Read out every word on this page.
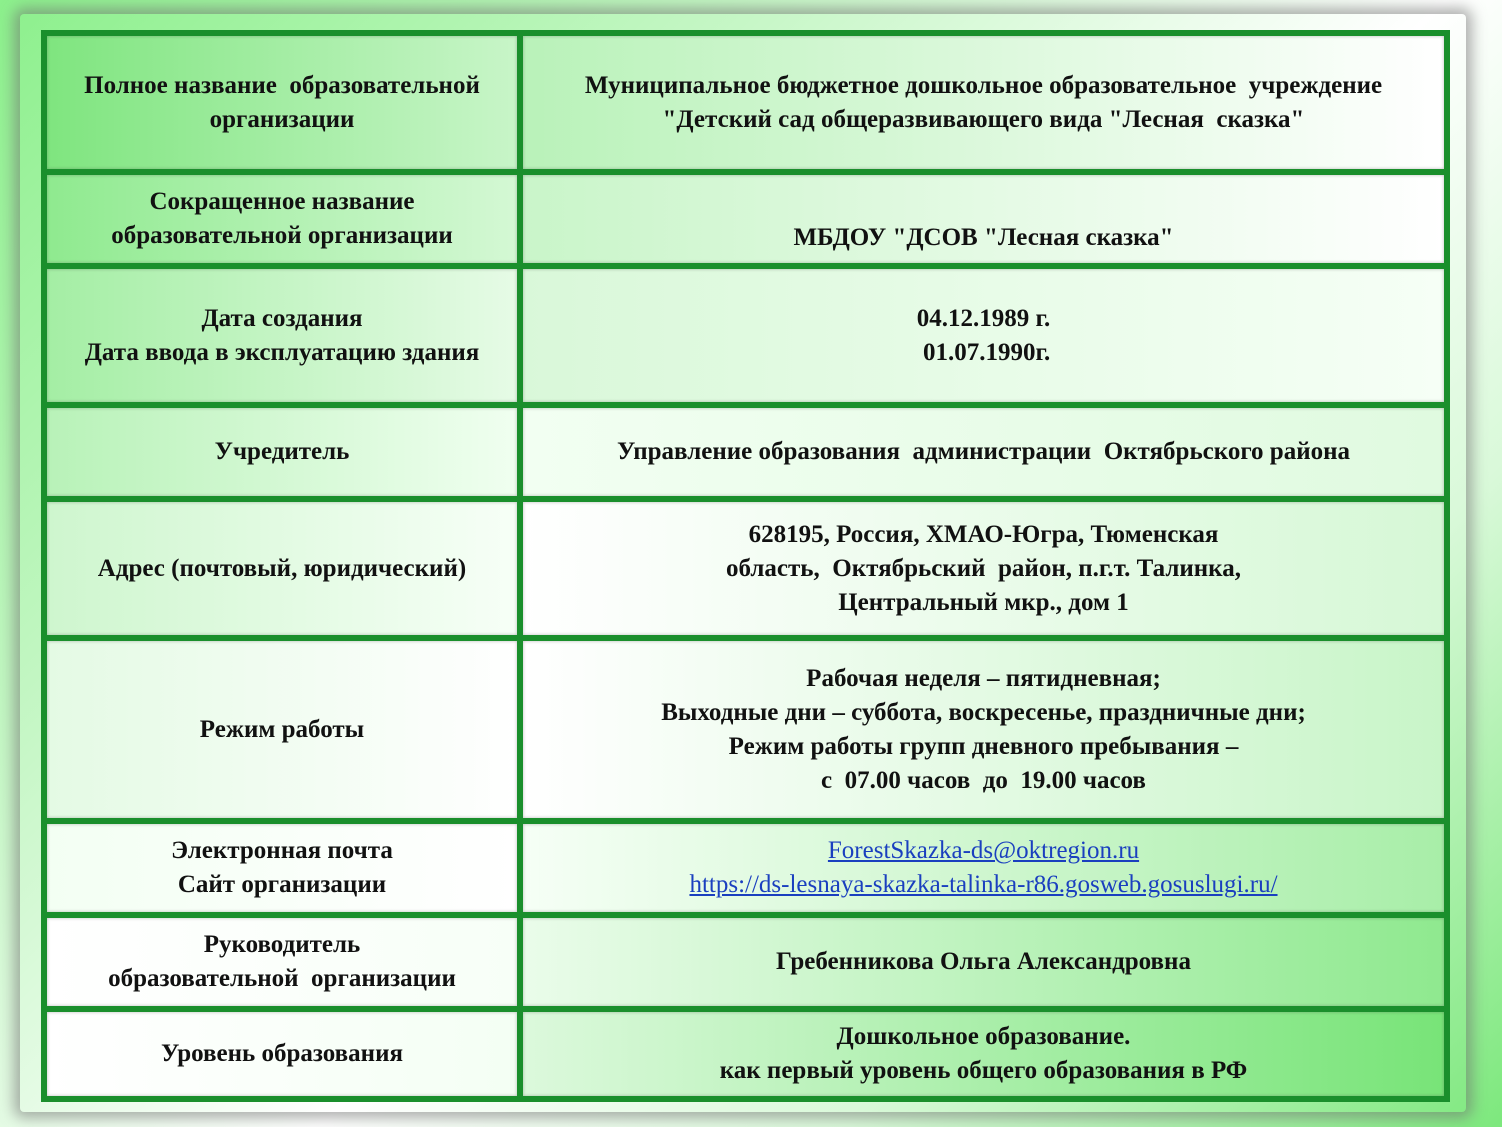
Полное название  образовательной
организации	Муниципальное бюджетное дошкольное образовательное  учреждение
"Детский сад общеразвивающего вида "Лесная  сказка"

Сокращенное название
образовательной организации	МБДОУ "ДСОВ "Лесная сказка"

Дата создания
Дата ввода в эксплуатацию здания	04.12.1989 г.
01.07.1990г.

Учредитель	Управление образования  администрации  Октябрьского района

Адрес (почтовый, юридический)	628195, Россия, ХМАО-Югра, Тюменская
область,  Октябрьский  район, п.г.т. Талинка,
Центральный мкр., дом 1

Режим работы	Рабочая неделя – пятидневная;
Выходные дни – суббота, воскресенье, праздничные дни;
Режим работы групп дневного пребывания –
с  07.00 часов  до  19.00 часов

Электронная почта
Сайт организации	ForestSkazka-ds@oktregion.ru
https://ds-lesnaya-skazka-talinka-r86.gosweb.gosuslugi.ru/

Руководитель
образовательной  организации	Гребенникова Ольга Александровна

Уровень образования	Дошкольное образование.
как первый уровень общего образования в РФ
